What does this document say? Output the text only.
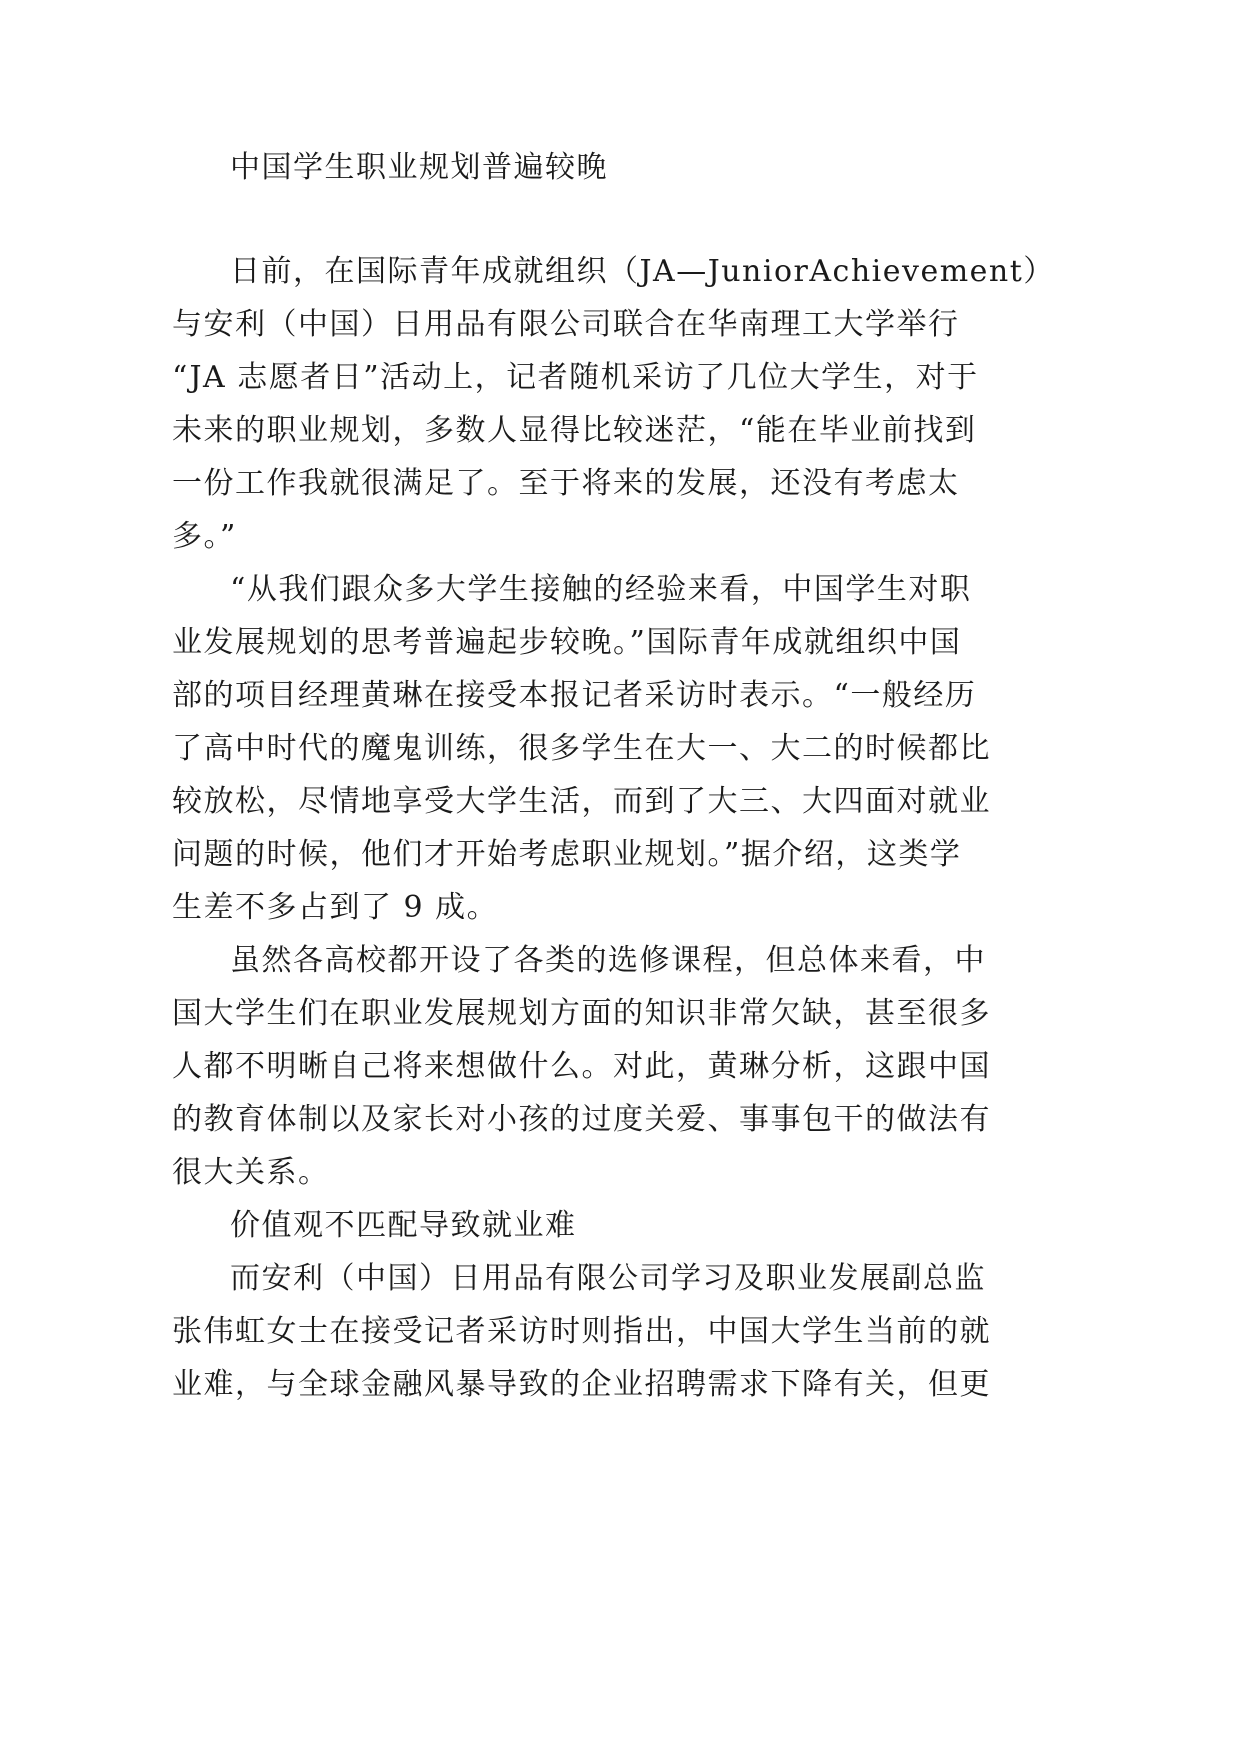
中国学生职业规划普遍较晚
日前，在国际青年成就组织（JA—JuniorAchievement）
与安利（中国）日用品有限公司联合在华南理工大学举行
“JA 志愿者日”活动上，记者随机采访了几位大学生，对于
未来的职业规划，多数人显得比较迷茫，“能在毕业前找到
一份工作我就很满足了。至于将来的发展，还没有考虑太
多。”
“从我们跟众多大学生接触的经验来看，中国学生对职
业发展规划的思考普遍起步较晚。”国际青年成就组织中国
部的项目经理黄琳在接受本报记者采访时表示。“一般经历
了高中时代的魔鬼训练，很多学生在大一、大二的时候都比
较放松，尽情地享受大学生活，而到了大三、大四面对就业
问题的时候，他们才开始考虑职业规划。”据介绍，这类学
生差不多占到了 9 成。
虽然各高校都开设了各类的选修课程，但总体来看，中
国大学生们在职业发展规划方面的知识非常欠缺，甚至很多
人都不明晰自己将来想做什么。对此，黄琳分析，这跟中国
的教育体制以及家长对小孩的过度关爱、事事包干的做法有
很大关系。
价值观不匹配导致就业难
而安利（中国）日用品有限公司学习及职业发展副总监
张伟虹女士在接受记者采访时则指出，中国大学生当前的就
业难，与全球金融风暴导致的企业招聘需求下降有关，但更
